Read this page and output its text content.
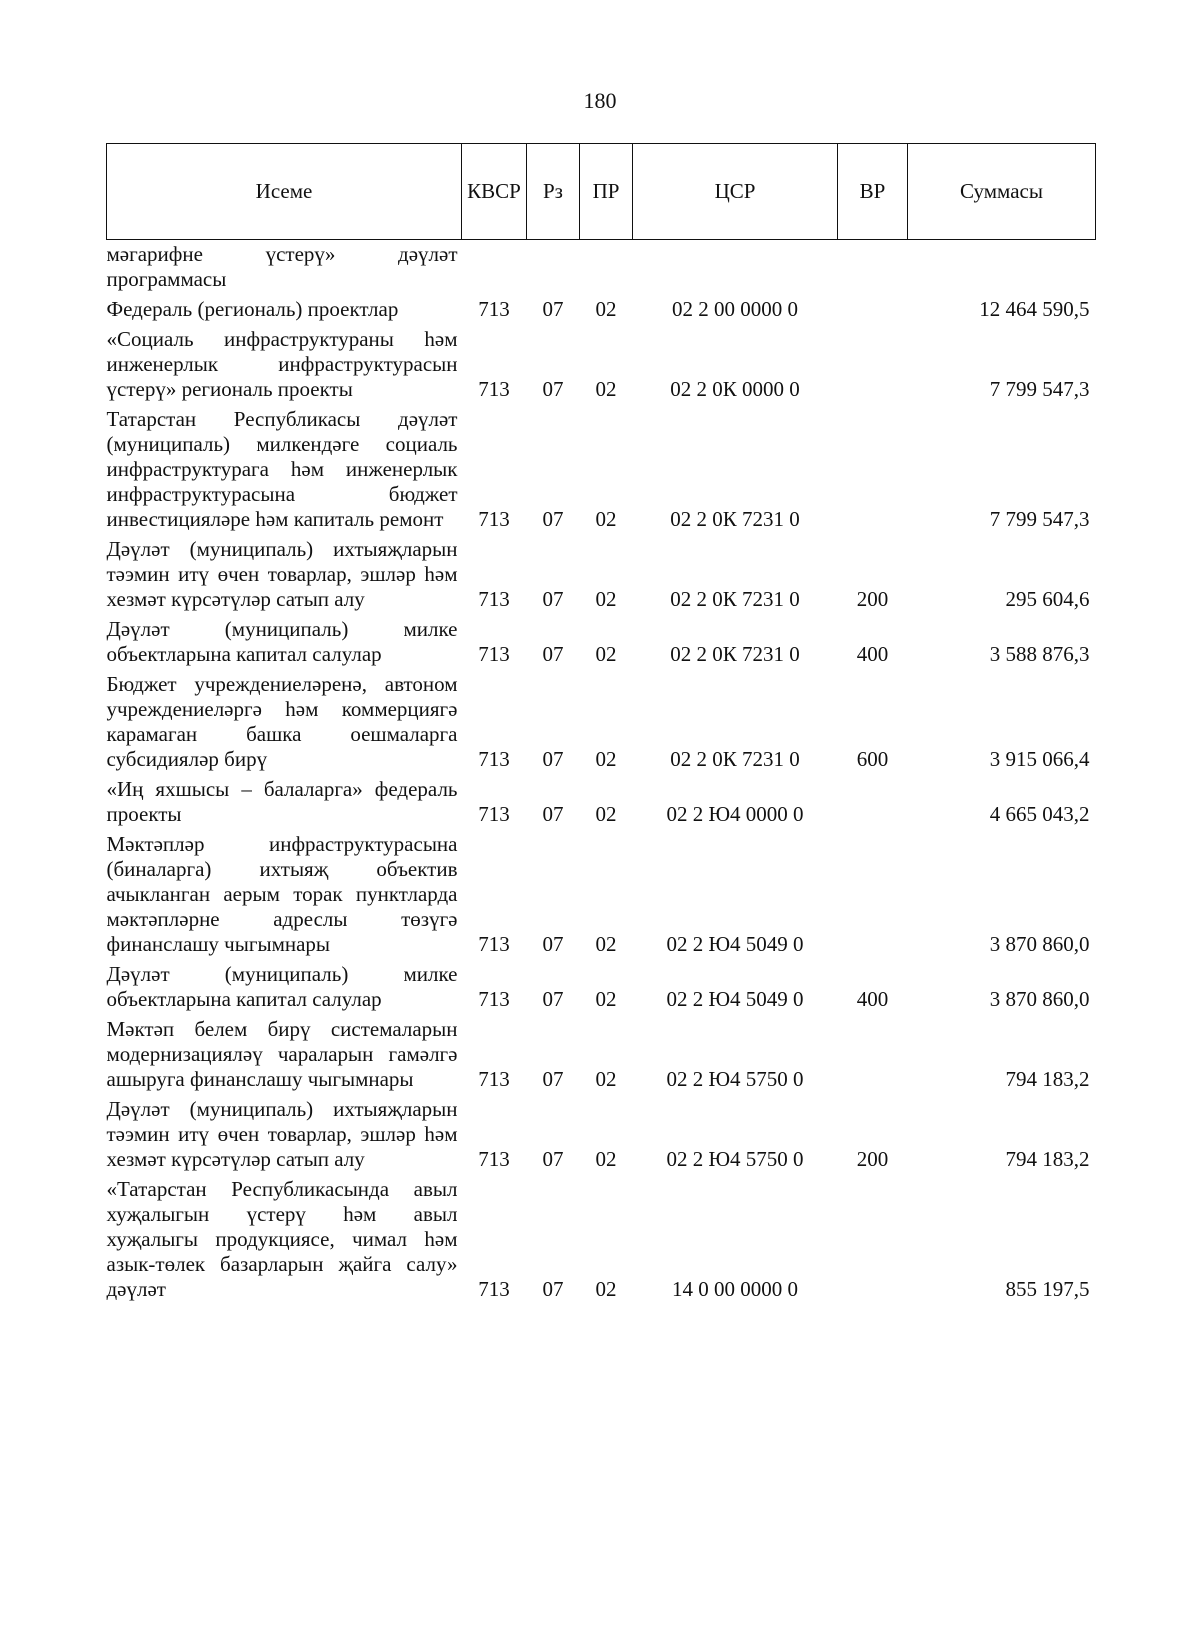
180
Исеме	КВСР	Рз	ПР	ЦСР	ВР	Суммасы
мәгарифне үстерү» дәүләт программасы						
Федераль (региональ) проектлар	713	07	02	02 2 00 0000 0		12 464 590,5
«Социаль инфраструктураны һәм инженерлык инфраструктурасын үстерү» региональ проекты	713	07	02	02 2 0К 0000 0		7 799 547,3
Татарстан Республикасы дәүләт (муниципаль) милкендәге социаль инфраструктурага һәм инженерлык инфраструктурасына бюджет инвестицияләре һәм капиталь ремонт	713	07	02	02 2 0К 7231 0		7 799 547,3
Дәүләт (муниципаль) ихтыяҗларын тәэмин итү өчен товарлар, эшләр һәм хезмәт күрсәтүләр сатып алу	713	07	02	02 2 0К 7231 0	200	295 604,6
Дәүләт (муниципаль) милке объектларына капитал салулар	713	07	02	02 2 0К 7231 0	400	3 588 876,3
Бюджет учреждениеләренә, автоном учреждениеләргә һәм коммерциягә карамаган башка оешмаларга субсидияләр бирү	713	07	02	02 2 0К 7231 0	600	3 915 066,4
«Иң яхшысы – балаларга» федераль проекты	713	07	02	02 2 Ю4 0000 0		4 665 043,2
Мәктәпләр инфраструктурасына (биналарга) ихтыяҗ объектив ачыкланган аерым торак пунктларда мәктәпләрне адреслы төзүгә финанслашу чыгымнары	713	07	02	02 2 Ю4 5049 0		3 870 860,0
Дәүләт (муниципаль) милке объектларына капитал салулар	713	07	02	02 2 Ю4 5049 0	400	3 870 860,0
Мәктәп белем бирү системаларын модернизацияләү чараларын гамәлгә ашыруга финанслашу чыгымнары	713	07	02	02 2 Ю4 5750 0		794 183,2
Дәүләт (муниципаль) ихтыяҗларын тәэмин итү өчен товарлар, эшләр һәм хезмәт күрсәтүләр сатып алу	713	07	02	02 2 Ю4 5750 0	200	794 183,2
«Татарстан Республикасында авыл хуҗалыгын үстерү һәм авыл хуҗалыгы продукциясе, чимал һәм азык-төлек базарларын җайга салу» дәүләт	713	07	02	14 0 00 0000 0		855 197,5
